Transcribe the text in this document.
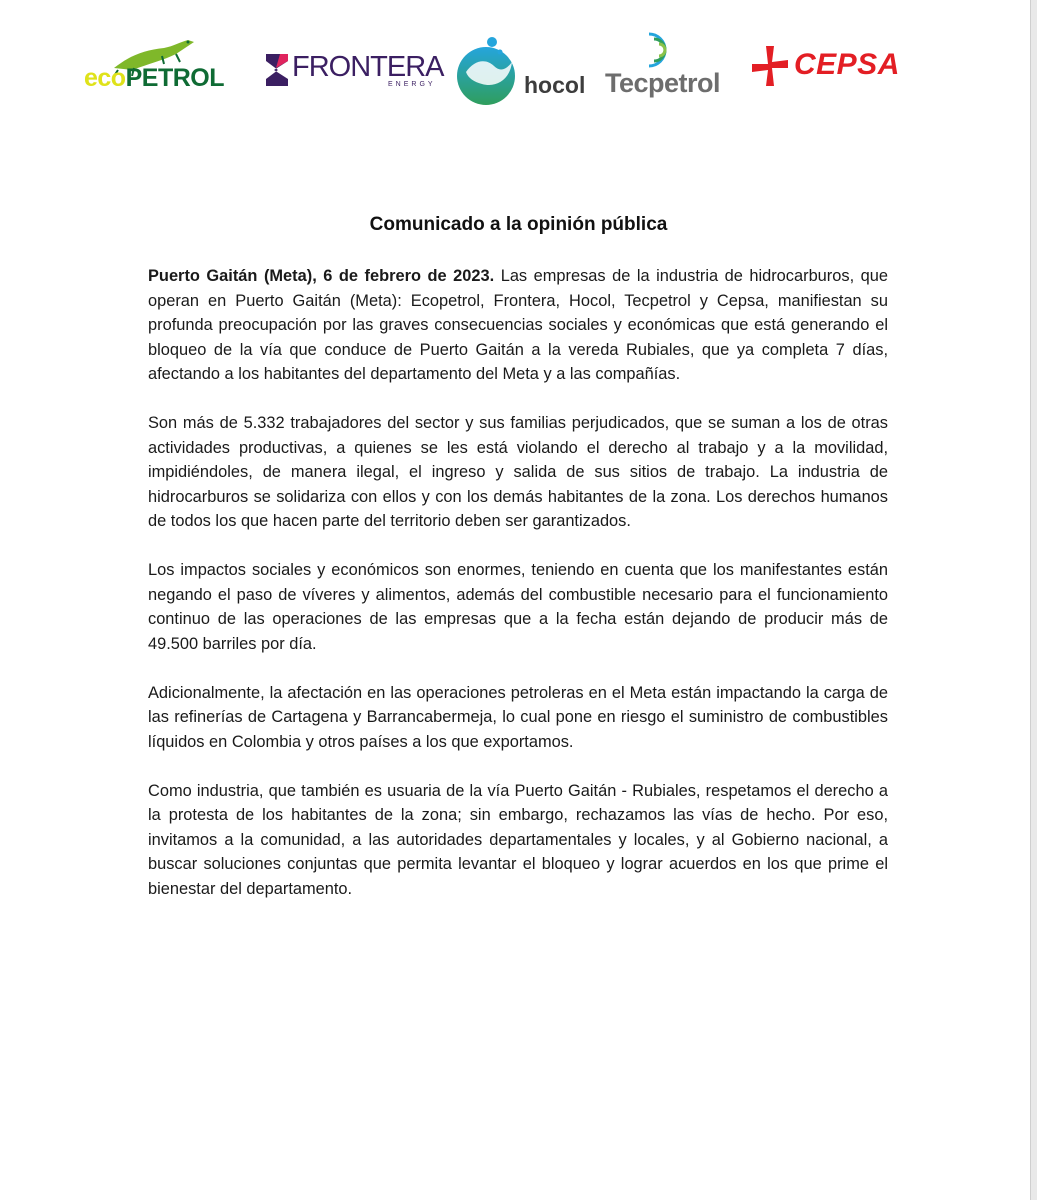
ecoPETROL FRONTERA
ENERGY	hocol Tecpetrol
CEPSA
Comunicado a la opinión pública

Puerto Gaitán (Meta), 6 de febrero de 2023. Las empresas de la industria de hidrocarburos, que operan en Puerto Gaitán (Meta): Ecopetrol, Frontera, Hocol, Tecpetrol y Cepsa, manifiestan su profunda preocupación por las graves consecuencias sociales y económicas que está generando el bloqueo de la vía que conduce de Puerto Gaitán a la vereda Rubiales, que ya completa 7 días, afectando a los habitantes del departamento del Meta y a las compañías.

Son más de 5.332 trabajadores del sector y sus familias perjudicados, que se suman a los de otras actividades productivas, a quienes se les está violando el derecho al trabajo y a la movilidad, impidiéndoles, de manera ilegal, el ingreso y salida de sus sitios de trabajo. La industria de hidrocarburos se solidariza con ellos y con los demás habitantes de la zona. Los derechos humanos de todos los que hacen parte del territorio deben ser garantizados.

Los impactos sociales y económicos son enormes, teniendo en cuenta que los manifestantes están negando el paso de víveres y alimentos, además del combustible necesario para el funcionamiento continuo de las operaciones de las empresas que a la fecha están dejando de producir más de 49.500 barriles por día.

Adicionalmente, la afectación en las operaciones petroleras en el Meta están impactando la carga de las refinerías de Cartagena y Barrancabermeja, lo cual pone en riesgo el suministro de combustibles líquidos en Colombia y otros países a los que exportamos.

Como industria, que también es usuaria de la vía Puerto Gaitán - Rubiales, respetamos el derecho a la protesta de los habitantes de la zona; sin embargo, rechazamos las vías de hecho. Por eso, invitamos a la comunidad, a las autoridades departamentales y locales, y al Gobierno nacional, a buscar soluciones conjuntas que permita levantar el bloqueo y lograr acuerdos en los que prime el bienestar del departamento.
